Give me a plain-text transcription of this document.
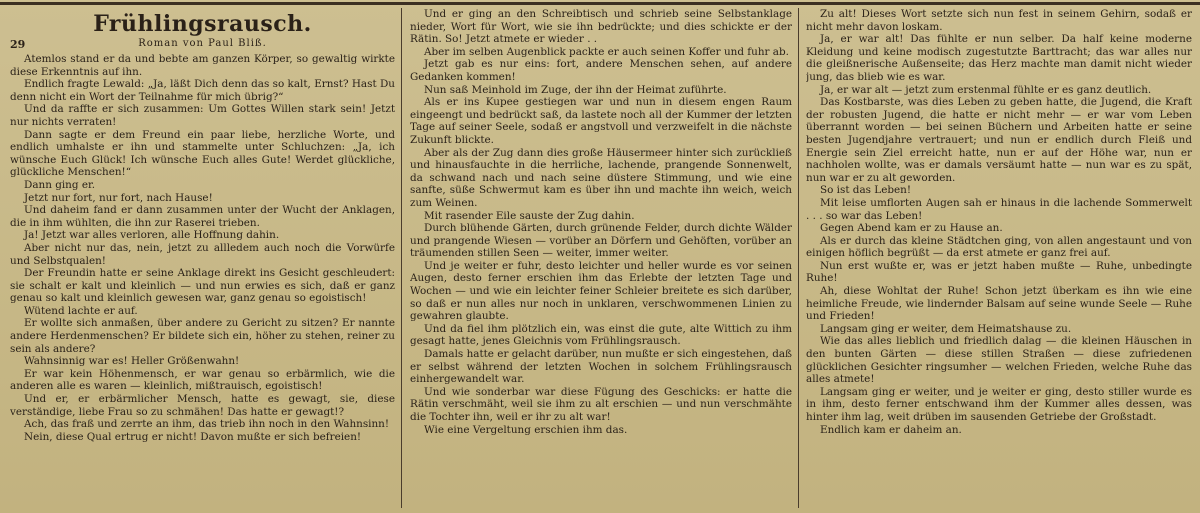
29
Frühlingsrausch.
Roman von Paul Bliß.

Atemlos stand er da und bebte am ganzen Körper, so gewaltig wirkte diese Erkenntnis auf ihn.

Endlich fragte Lewald: „Ja, läßt Dich denn das so kalt, Ernst? Hast Du denn nicht ein Wort der Teilnahme für mich übrig?“

Und da raffte er sich zusammen: Um Gottes Willen stark sein! Jetzt nur nichts verraten!

Dann sagte er dem Freund ein paar liebe, herzliche Worte, und endlich umhalste er ihn und stammelte unter Schluchzen: „Ja, ich wünsche Euch Glück! Ich wünsche Euch alles Gute! Werdet glückliche, glückliche Menschen!“

Dann ging er.

Jetzt nur fort, nur fort, nach Hause!

Und daheim fand er dann zusammen unter der Wucht der Anklagen, die in ihm wühlten, die ihn zur Raserei trieben.

Ja! Jetzt war alles verloren, alle Hoffnung dahin.

Aber nicht nur das, nein, jetzt zu allledem auch noch die Vorwürfe und Selbstqualen!

Der Freundin hatte er seine Anklage direkt ins Gesicht geschleudert: sie schalt er kalt und kleinlich — und nun erwies es sich, daß er ganz genau so kalt und kleinlich gewesen war, ganz genau so egoistisch!

Wütend lachte er auf.

Er wollte sich anmaßen, über andere zu Gericht zu sitzen? Er nannte andere Herdenmenschen? Er bildete sich ein, höher zu stehen, reiner zu sein als andere?

Wahnsinnig war es! Heller Größenwahn!

Er war kein Höhenmensch, er war genau so erbärmlich, wie die anderen alle es waren — kleinlich, mißtrauisch, egoistisch!

Und er, er erbärmlicher Mensch, hatte es gewagt, sie, diese verständige, liebe Frau so zu schmähen! Das hatte er gewagt!?

Ach, das fraß und zerrte an ihm, das trieb ihn noch in den Wahnsinn!

Nein, diese Qual ertrug er nicht! Davon mußte er sich befreien!

Und er ging an den Schreibtisch und schrieb seine Selbstanklage nieder, Wort für Wort, wie sie ihn bedrückte; und dies schickte er der Rätin. So! Jetzt atmete er wieder . .

Aber im selben Augenblick packte er auch seinen Koffer und fuhr ab.

Jetzt gab es nur eins: fort, andere Menschen sehen, auf andere Gedanken kommen!

Nun saß Meinhold im Zuge, der ihn der Heimat zuführte.

Als er ins Kupee gestiegen war und nun in diesem engen Raum eingeengt und bedrückt saß, da lastete noch all der Kummer der letzten Tage auf seiner Seele, sodaß er angstvoll und verzweifelt in die nächste Zukunft blickte.

Aber als der Zug dann dies große Häusermeer hinter sich zurückließ und hinausfauchte in die herrliche, lachende, prangende Sonnenwelt, da schwand nach und nach seine düstere Stimmung, und wie eine sanfte, süße Schwermut kam es über ihn und machte ihn weich, weich zum Weinen.

Mit rasender Eile sauste der Zug dahin.

Durch blühende Gärten, durch grünende Felder, durch dichte Wälder und prangende Wiesen — vorüber an Dörfern und Gehöften, vorüber an träumenden stillen Seen — weiter, immer weiter.

Und je weiter er fuhr, desto leichter und heller wurde es vor seinen Augen, desto ferner erschien ihm das Erlebte der letzten Tage und Wochen — und wie ein leichter feiner Schleier breitete es sich darüber, so daß er nun alles nur noch in unklaren, verschwommenen Linien zu gewahren glaubte.

Und da fiel ihm plötzlich ein, was einst die gute, alte Wittich zu ihm gesagt hatte, jenes Gleichnis vom Frühlingsrausch.

Damals hatte er gelacht darüber, nun mußte er sich eingestehen, daß er selbst während der letzten Wochen in solchem Frühlingsrausch einhergewandelt war.

Und wie sonderbar war diese Fügung des Geschicks: er hatte die Rätin verschmäht, weil sie ihm zu alt erschien — und nun verschmähte die Tochter ihn, weil er ihr zu alt war!

Wie eine Vergeltung erschien ihm das.

Zu alt! Dieses Wort setzte sich nun fest in seinem Gehirn, sodaß er nicht mehr davon loskam.

Ja, er war alt! Das fühlte er nun selber. Da half keine moderne Kleidung und keine modisch zugestutzte Barttracht; das war alles nur die gleißnerische Außenseite; das Herz machte man damit nicht wieder jung, das blieb wie es war.

Ja, er war alt — jetzt zum erstenmal fühlte er es ganz deutlich.

Das Kostbarste, was dies Leben zu geben hatte, die Jugend, die Kraft der robusten Jugend, die hatte er nicht mehr — er war vom Leben überrannt worden — bei seinen Büchern und Arbeiten hatte er seine besten Jugendjahre vertrauert; und nun er endlich durch Fleiß und Energie sein Ziel erreicht hatte, nun er auf der Höhe war, nun er nachholen wollte, was er damals versäumt hatte — nun war es zu spät, nun war er zu alt geworden.

So ist das Leben!

Mit leise umflorten Augen sah er hinaus in die lachende Sommerwelt . . . so war das Leben!

Gegen Abend kam er zu Hause an.

Als er durch das kleine Städtchen ging, von allen angestaunt und von einigen höflich begrüßt — da erst atmete er ganz frei auf.

Nun erst wußte er, was er jetzt haben mußte — Ruhe, unbedingte Ruhe!

Ah, diese Wohltat der Ruhe! Schon jetzt überkam es ihn wie eine heimliche Freude, wie lindernder Balsam auf seine wunde Seele — Ruhe und Frieden!

Langsam ging er weiter, dem Heimatshause zu.

Wie das alles lieblich und friedlich dalag — die kleinen Häuschen in den bunten Gärten — diese stillen Straßen — diese zufriedenen glücklichen Gesichter ringsumher — welchen Frieden, welche Ruhe das alles atmete!

Langsam ging er weiter, und je weiter er ging, desto stiller wurde es in ihm, desto ferner entschwand ihm der Kummer alles dessen, was hinter ihm lag, weit drüben im sausenden Getriebe der Großstadt.

Endlich kam er daheim an.
